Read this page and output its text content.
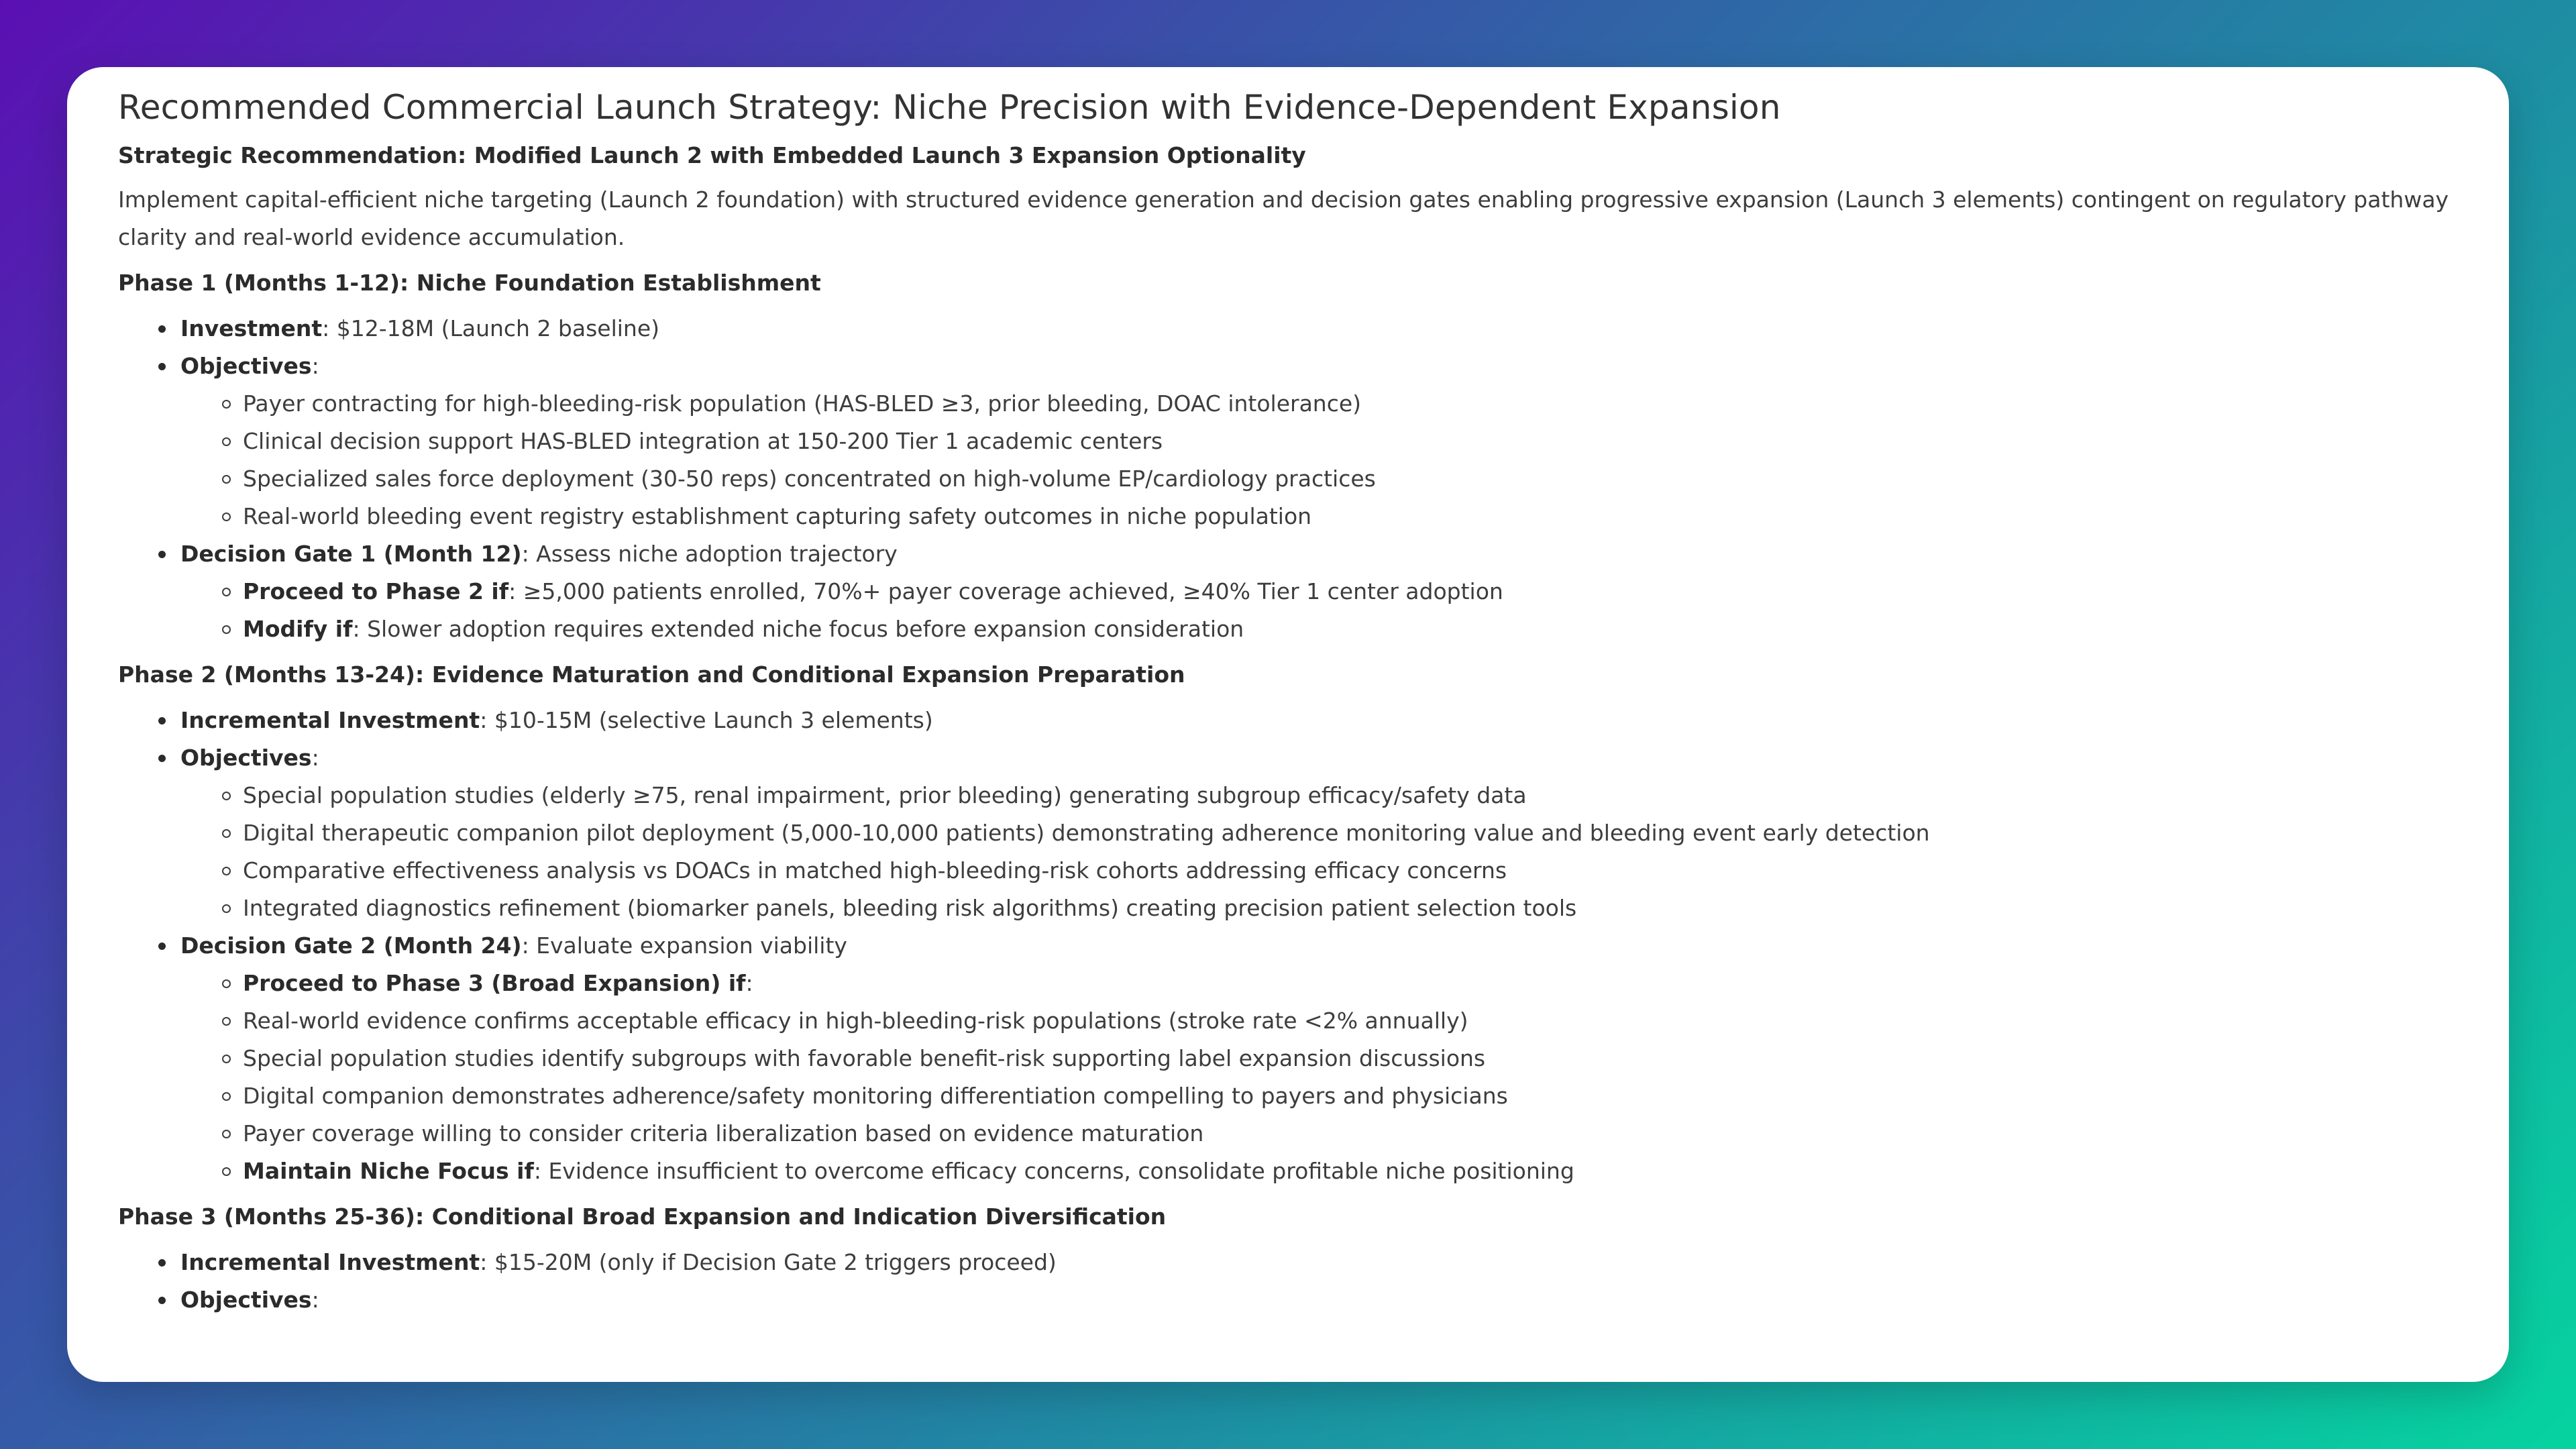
Recommended Commercial Launch Strategy: Niche Precision with Evidence-Dependent Expansion
Strategic Recommendation: Modified Launch 2 with Embedded Launch 3 Expansion Optionality
Implement capital-efficient niche targeting (Launch 2 foundation) with structured evidence generation and decision gates enabling progressive expansion (Launch 3 elements) contingent on regulatory pathway clarity and real-world evidence accumulation.
Phase 1 (Months 1-12): Niche Foundation Establishment
Investment: $12-18M (Launch 2 baseline)
Objectives:
Payer contracting for high-bleeding-risk population (HAS-BLED ≥3, prior bleeding, DOAC intolerance)
Clinical decision support HAS-BLED integration at 150-200 Tier 1 academic centers
Specialized sales force deployment (30-50 reps) concentrated on high-volume EP/cardiology practices
Real-world bleeding event registry establishment capturing safety outcomes in niche population
Decision Gate 1 (Month 12): Assess niche adoption trajectory
Proceed to Phase 2 if: ≥5,000 patients enrolled, 70%+ payer coverage achieved, ≥40% Tier 1 center adoption
Modify if: Slower adoption requires extended niche focus before expansion consideration
Phase 2 (Months 13-24): Evidence Maturation and Conditional Expansion Preparation
Incremental Investment: $10-15M (selective Launch 3 elements)
Objectives:
Special population studies (elderly ≥75, renal impairment, prior bleeding) generating subgroup efficacy/safety data
Digital therapeutic companion pilot deployment (5,000-10,000 patients) demonstrating adherence monitoring value and bleeding event early detection
Comparative effectiveness analysis vs DOACs in matched high-bleeding-risk cohorts addressing efficacy concerns
Integrated diagnostics refinement (biomarker panels, bleeding risk algorithms) creating precision patient selection tools
Decision Gate 2 (Month 24): Evaluate expansion viability
Proceed to Phase 3 (Broad Expansion) if:
Real-world evidence confirms acceptable efficacy in high-bleeding-risk populations (stroke rate <2% annually)
Special population studies identify subgroups with favorable benefit-risk supporting label expansion discussions
Digital companion demonstrates adherence/safety monitoring differentiation compelling to payers and physicians
Payer coverage willing to consider criteria liberalization based on evidence maturation
Maintain Niche Focus if: Evidence insufficient to overcome efficacy concerns, consolidate profitable niche positioning
Phase 3 (Months 25-36): Conditional Broad Expansion and Indication Diversification
Incremental Investment: $15-20M (only if Decision Gate 2 triggers proceed)
Objectives:
